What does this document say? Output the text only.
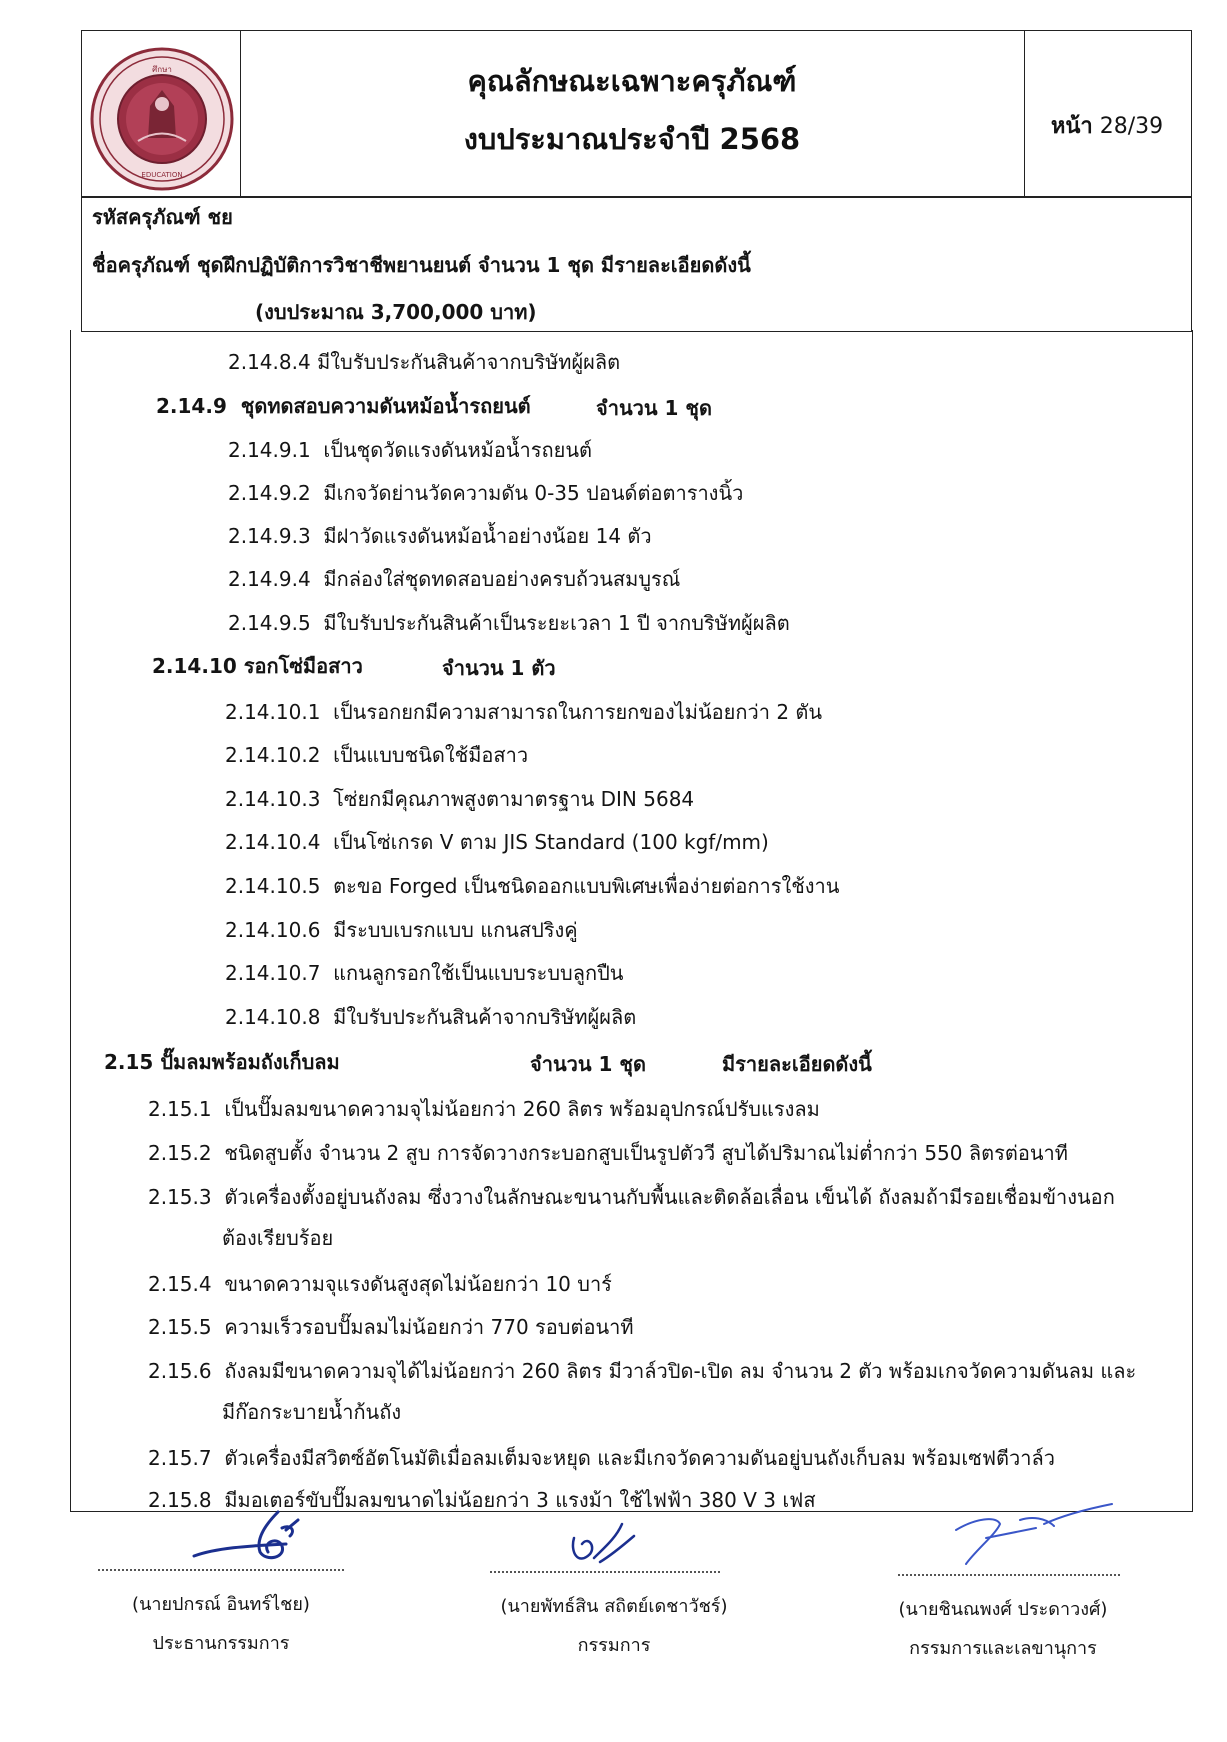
ศึกษา
EDUCATION
คุณลักษณะเฉพาะครุภัณฑ์
งบประมาณประจำปี 2568	หน้า 28/39
รหัสครุภัณฑ์ ชย
ชื่อครุภัณฑ์ ชุดฝึกปฏิบัติการวิชาชีพยานยนต์ จำนวน 1 ชุด มีรายละเอียดดังนี้
(งบประมาณ 3,700,000 บาท)
2.14.8.4 มีใบรับประกันสินค้าจากบริษัทผู้ผลิต
2.14.9 ชุดทดสอบความดันหม้อน้ำรถยนต์	จำนวน 1 ชุด
2.14.9.1 เป็นชุดวัดแรงดันหม้อน้ำรถยนต์
2.14.9.2 มีเกจวัดย่านวัดความดัน 0-35 ปอนด์ต่อตารางนิ้ว
2.14.9.3 มีฝาวัดแรงดันหม้อน้ำอย่างน้อย 14 ตัว
2.14.9.4 มีกล่องใส่ชุดทดสอบอย่างครบถ้วนสมบูรณ์
2.14.9.5 มีใบรับประกันสินค้าเป็นระยะเวลา 1 ปี จากบริษัทผู้ผลิต
2.14.10 รอกโซ่มือสาว	จำนวน 1 ตัว
2.14.10.1 เป็นรอกยกมีความสามารถในการยกของไม่น้อยกว่า 2 ตัน
2.14.10.2 เป็นแบบชนิดใช้มือสาว
2.14.10.3 โซ่ยกมีคุณภาพสูงตามาตรฐาน DIN 5684
2.14.10.4 เป็นโซ่เกรด V ตาม JIS Standard (100 kgf/mm)
2.14.10.5 ตะขอ Forged เป็นชนิดออกแบบพิเศษเพื่อง่ายต่อการใช้งาน
2.14.10.6 มีระบบเบรกแบบ แกนสปริงคู่
2.14.10.7 แกนลูกรอกใช้เป็นแบบระบบลูกปืน
2.14.10.8 มีใบรับประกันสินค้าจากบริษัทผู้ผลิต
2.15 ปั๊มลมพร้อมถังเก็บลม	จำนวน 1 ชุด	มีรายละเอียดดังนี้
2.15.1 เป็นปั๊มลมขนาดความจุไม่น้อยกว่า 260 ลิตร พร้อมอุปกรณ์ปรับแรงลม
2.15.2 ชนิดสูบตั้ง จำนวน 2 สูบ การจัดวางกระบอกสูบเป็นรูปตัววี สูบได้ปริมาณไม่ต่ำกว่า 550 ลิตรต่อนาที
2.15.3 ตัวเครื่องตั้งอยู่บนถังลม ซึ่งวางในลักษณะขนานกับพื้นและติดล้อเลื่อน เข็นได้ ถังลมถ้ามีรอยเชื่อมข้างนอก
ต้องเรียบร้อย
2.15.4 ขนาดความจุแรงดันสูงสุดไม่น้อยกว่า 10 บาร์
2.15.5 ความเร็วรอบปั๊มลมไม่น้อยกว่า 770 รอบต่อนาที
2.15.6 ถังลมมีขนาดความจุได้ไม่น้อยกว่า 260 ลิตร มีวาล์วปิด-เปิด ลม จำนวน 2 ตัว พร้อมเกจวัดความดันลม และ
มีก๊อกระบายน้ำก้นถัง
2.15.7 ตัวเครื่องมีสวิตซ์อัตโนมัติเมื่อลมเต็มจะหยุด และมีเกจวัดความดันอยู่บนถังเก็บลม พร้อมเซฟตีวาล์ว
2.15.8 มีมอเตอร์ขับปั๊มลมขนาดไม่น้อยกว่า 3 แรงม้า ใช้ไฟฟ้า 380 V 3 เฟส
(นายปกรณ์ อินทร์ไชย)
ประธานกรรมการ
(นายพัทธ์สิน สถิตย์เดชาวัชร์)
กรรมการ
(นายชินณพงศ์ ประดาวงศ์)
กรรมการและเลขานุการ
